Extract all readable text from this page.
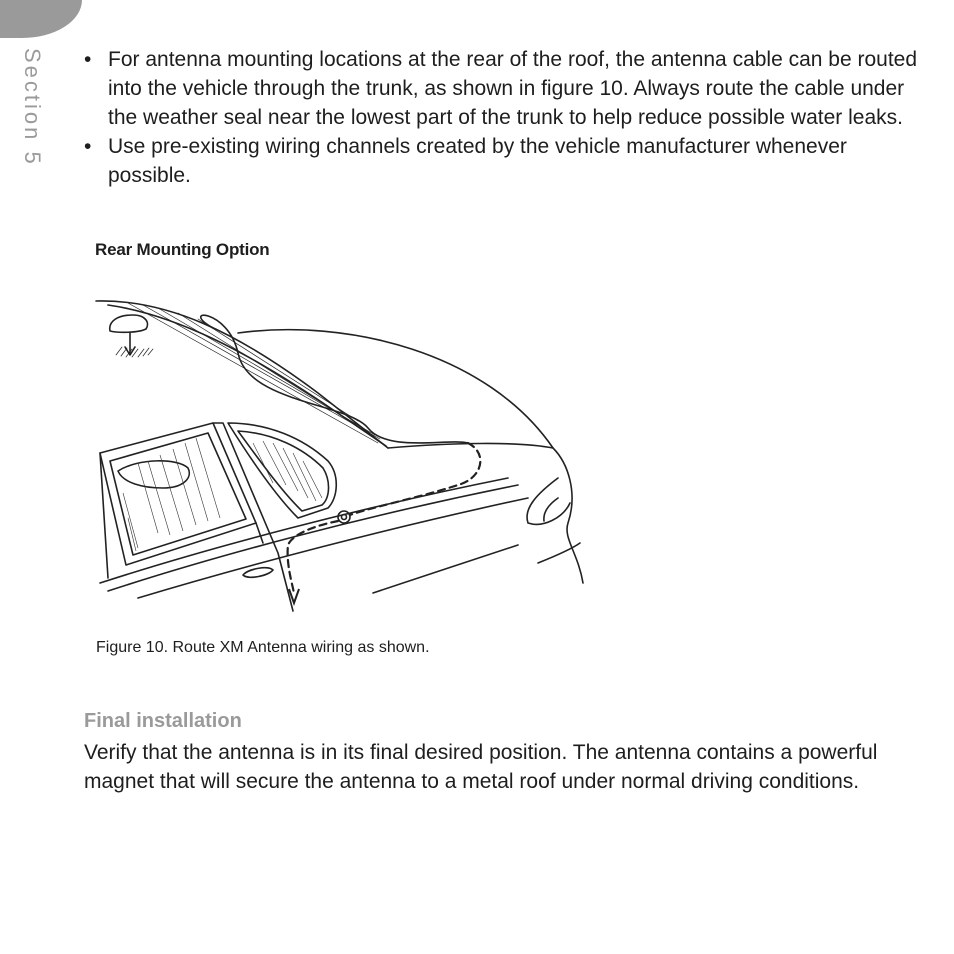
Section 5 • For antenna mounting locations at the rear of the roof, the antenna cable can be routed into the vehicle through the trunk, as shown in figure 10. Always route the cable under the weather seal near the lowest part of the trunk to help reduce possible water leaks.
• Use pre-existing wiring channels created by the vehicle manufacturer whenever possible.
Rear Mounting Option
Figure 10. Route XM Antenna wiring as shown.
Final installation

Verify that the antenna is in its final desired position. The antenna contains a powerful magnet that will secure the antenna to a metal roof under normal driving conditions.
